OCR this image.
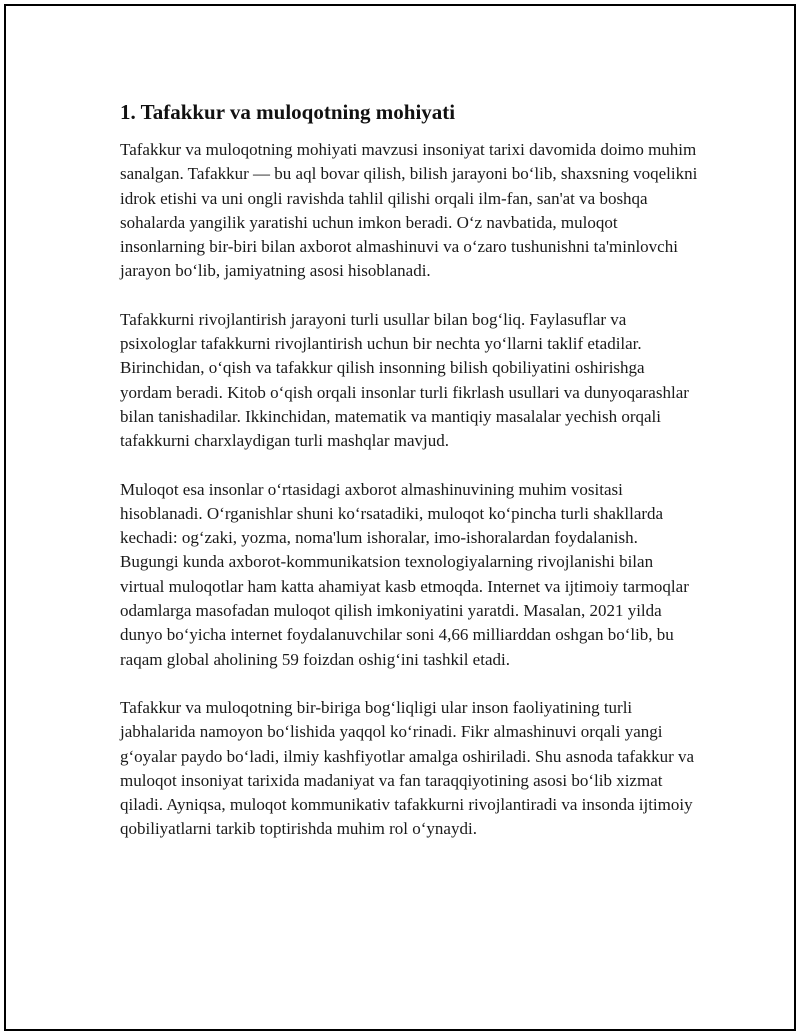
1. Tafakkur va muloqotning mohiyati

Tafakkur va muloqotning mohiyati mavzusi insoniyat tarixi davomida doimo muhim sanalgan. Tafakkur — bu aql bovar qilish, bilish jarayoni bo‘lib, shaxsning voqelikni idrok etishi va uni ongli ravishda tahlil qilishi orqali ilm-fan, san'at va boshqa sohalarda yangilik yaratishi uchun imkon beradi. O‘z navbatida, muloqot insonlarning bir-biri bilan axborot almashinuvi va o‘zaro tushunishni ta'minlovchi jarayon bo‘lib, jamiyatning asosi hisoblanadi.

Tafakkurni rivojlantirish jarayoni turli usullar bilan bog‘liq. Faylasuflar va psixologlar tafakkurni rivojlantirish uchun bir nechta yo‘llarni taklif etadilar. Birinchidan, o‘qish va tafakkur qilish insonning bilish qobiliyatini oshirishga yordam beradi. Kitob o‘qish orqali insonlar turli fikrlash usullari va dunyoqarashlar bilan tanishadilar. Ikkinchidan, matematik va mantiqiy masalalar yechish orqali tafakkurni charxlaydigan turli mashqlar mavjud.

Muloqot esa insonlar o‘rtasidagi axborot almashinuvining muhim vositasi hisoblanadi. O‘rganishlar shuni ko‘rsatadiki, muloqot ko‘pincha turli shakllarda kechadi: og‘zaki, yozma, noma'lum ishoralar, imo-ishoralardan foydalanish. Bugungi kunda axborot-kommunikatsion texnologiyalarning rivojlanishi bilan virtual muloqotlar ham katta ahamiyat kasb etmoqda. Internet va ijtimoiy tarmoqlar odamlarga masofadan muloqot qilish imkoniyatini yaratdi. Masalan, 2021 yilda dunyo bo‘yicha internet foydalanuvchilar soni 4,66 milliarddan oshgan bo‘lib, bu raqam global aholining 59 foizdan oshig‘ini tashkil etadi.

Tafakkur va muloqotning bir-biriga bog‘liqligi ular inson faoliyatining turli jabhalarida namoyon bo‘lishida yaqqol ko‘rinadi. Fikr almashinuvi orqali yangi g‘oyalar paydo bo‘ladi, ilmiy kashfiyotlar amalga oshiriladi. Shu asnoda tafakkur va muloqot insoniyat tarixida madaniyat va fan taraqqiyotining asosi bo‘lib xizmat qiladi. Ayniqsa, muloqot kommunikativ tafakkurni rivojlantiradi va insonda ijtimoiy qobiliyatlarni tarkib toptirishda muhim rol o‘ynaydi.
